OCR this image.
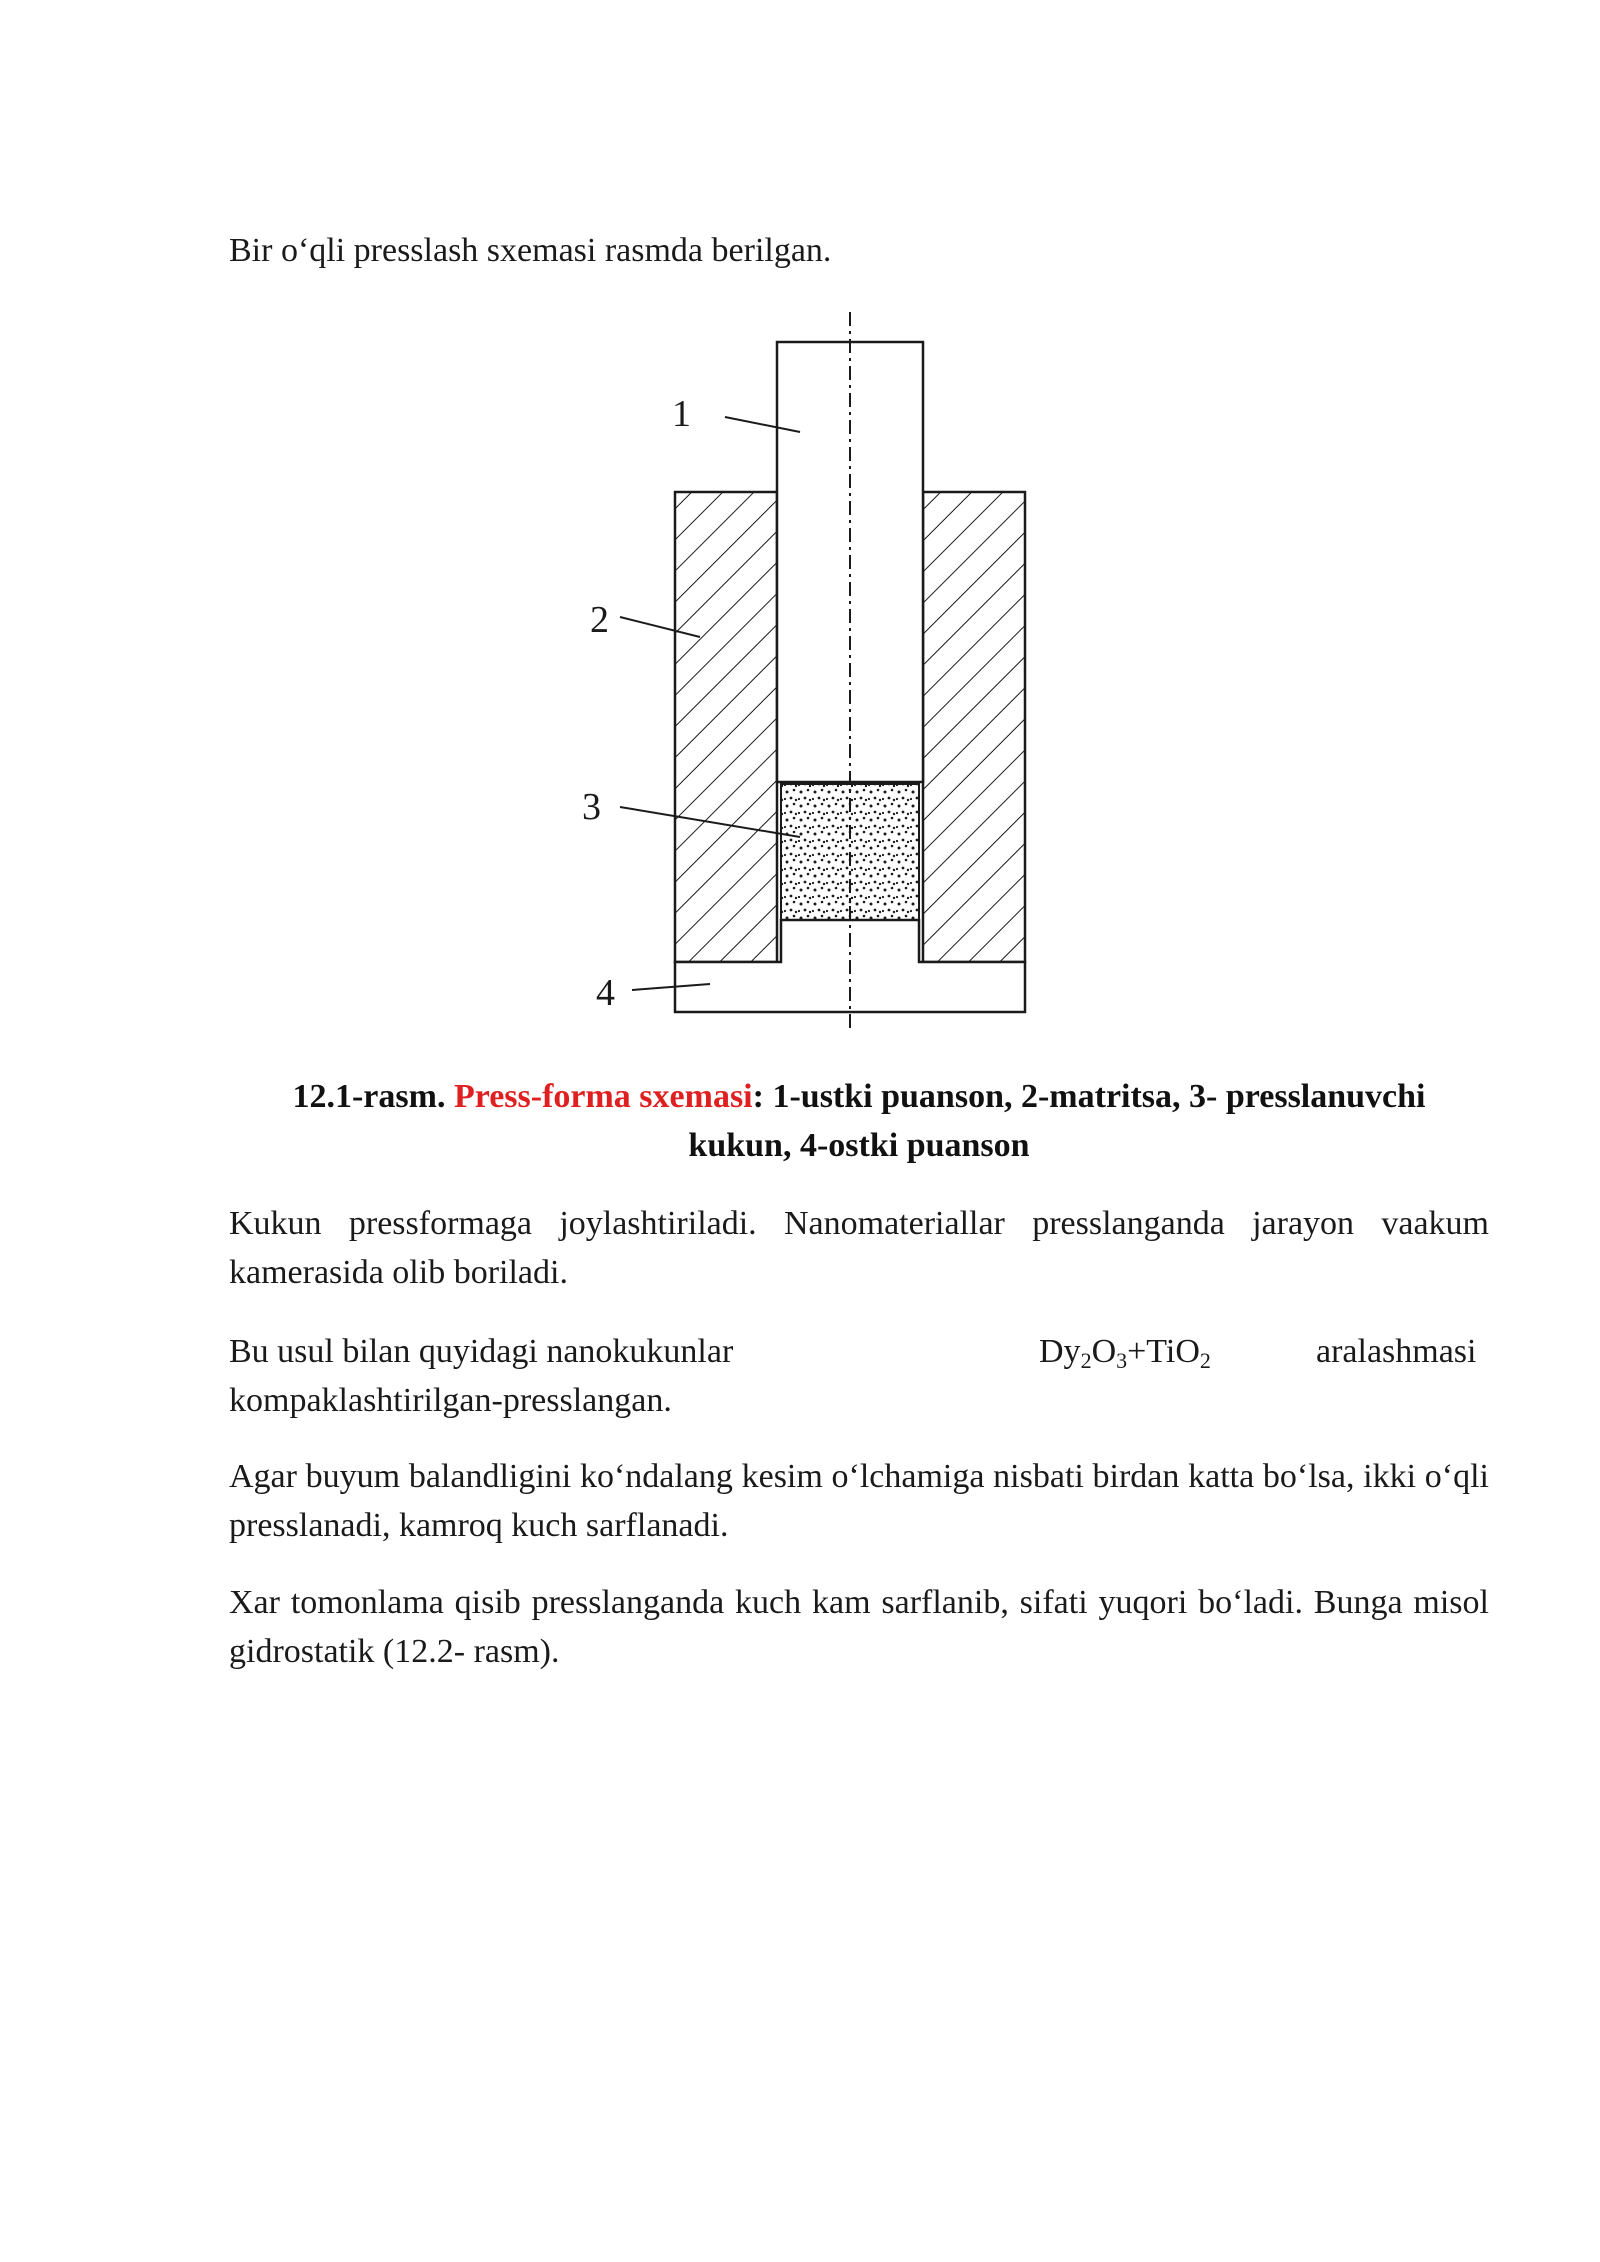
Bir o‘qli presslash sxemasi rasmda berilgan.

1
2
3
4

12.1-rasm. Press-forma sxemasi: 1-ustki puanson, 2-matritsa, 3- presslanuvchi
kukun, 4-ostki puanson

Kukun pressformaga joylashtiriladi. Nanomateriallar presslanganda jarayon vaakum kamerasida olib boriladi.

Bu usul bilan quyidagi nanokukunlar	$Dy_2O_3+TiO_2$	aralashmasi

kompaklashtirilgan-presslangan.

Agar buyum balandligini ko‘ndalang kesim o‘lchamiga nisbati birdan katta bo‘lsa, ikki o‘qli presslanadi, kamroq kuch sarflanadi.

Xar tomonlama qisib presslanganda kuch kam sarflanib, sifati yuqori bo‘ladi. Bunga misol gidrostatik (12.2- rasm).
